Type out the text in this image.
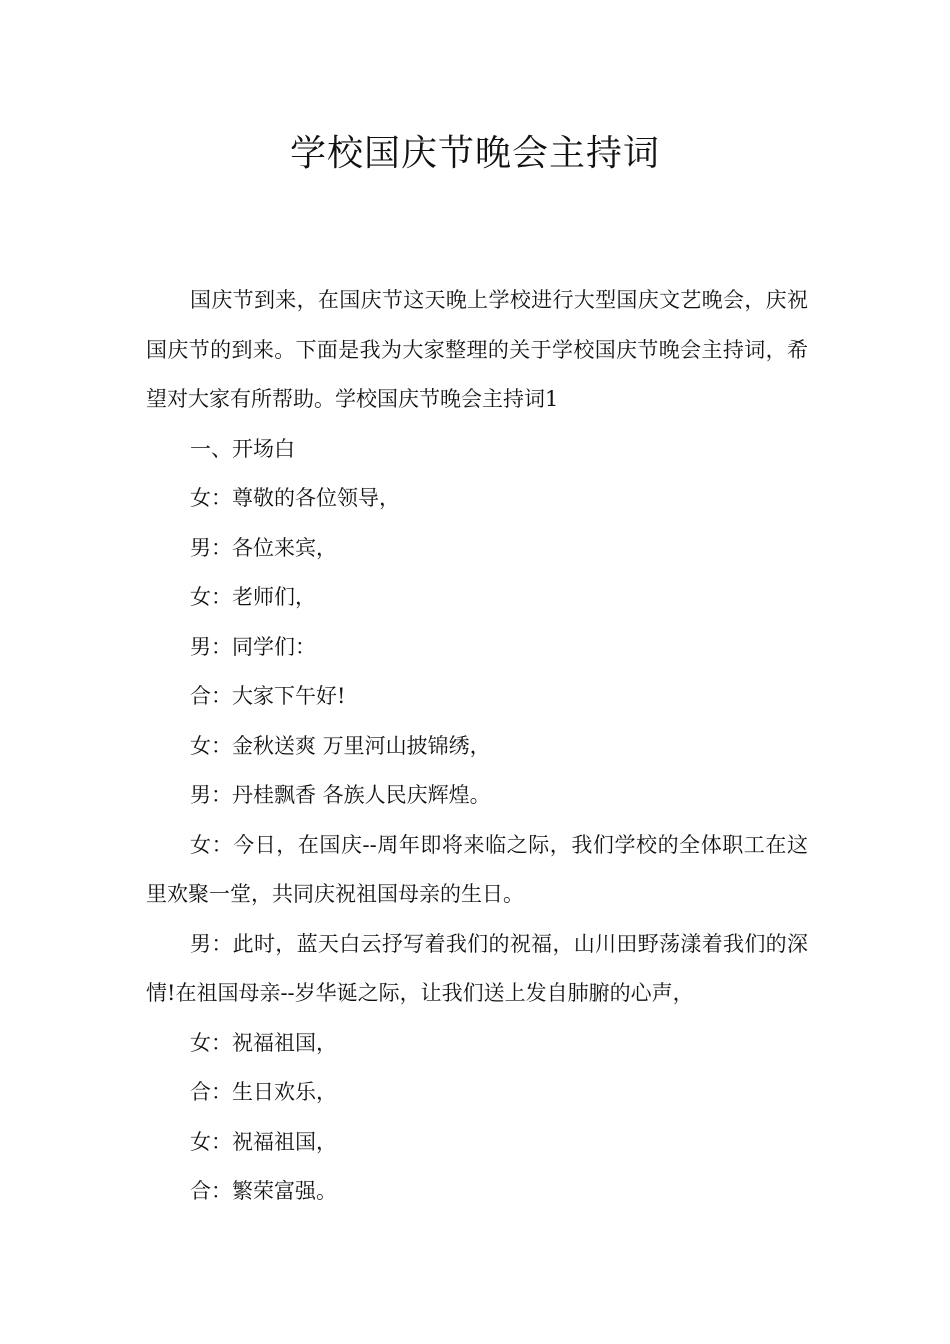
学校国庆节晚会主持词

国庆节到来，在国庆节这天晚上学校进行大型国庆文艺晚会，庆祝国庆节的到来。下面是我为大家整理的关于学校国庆节晚会主持词，希望对大家有所帮助。学校国庆节晚会主持词1

一、开场白

女：尊敬的各位领导，

男：各位来宾，

女：老师们，

男：同学们：

合：大家下午好!

女：金秋送爽 万里河山披锦绣，

男：丹桂飘香 各族人民庆辉煌。

女：今日，在国庆--周年即将来临之际，我们学校的全体职工在这里欢聚一堂，共同庆祝祖国母亲的生日。

男：此时，蓝天白云抒写着我们的祝福，山川田野荡漾着我们的深情!在祖国母亲--岁华诞之际，让我们送上发自肺腑的心声，

女：祝福祖国，

合：生日欢乐，

女：祝福祖国，

合：繁荣富强。
